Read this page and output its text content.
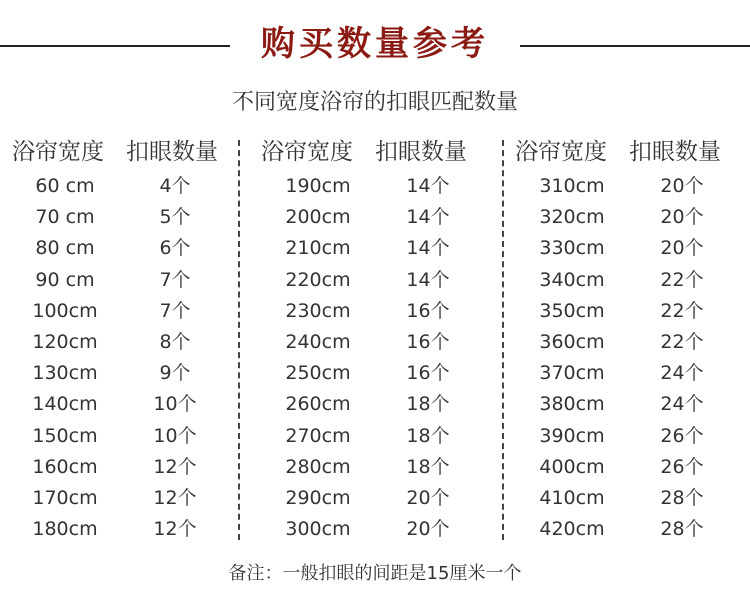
购买数量参考
不同宽度浴帘的扣眼匹配数量
浴帘宽度 扣眼数量
60 cm	4个
70 cm	5个
80 cm	6个
90 cm	7个
100cm	7个
120cm	8个
130cm	9个
140cm	10个
150cm	10个
160cm	12个
170cm	12个
180cm	12个
浴帘宽度 扣眼数量
190cm	14个
200cm	14个
210cm	14个
220cm	14个
230cm	16个
240cm	16个
250cm	16个
260cm	18个
270cm	18个
280cm	18个
290cm	20个
300cm	20个
浴帘宽度 扣眼数量
310cm	20个
320cm	20个
330cm	20个
340cm	22个
350cm	22个
360cm	22个
370cm	24个
380cm	24个
390cm	26个
400cm	26个
410cm	28个
420cm	28个
备注：一般扣眼的间距是15厘米一个
